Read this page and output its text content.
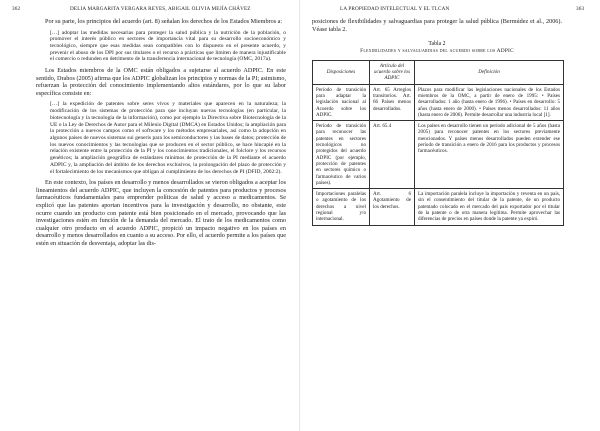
362	DELIA MARGARITA VERGARA REYES, ABIGAIL OLIVIA MEJÍA CHÁVEZ

Por su parte, los principios del acuerdo (art. 8) señalan los derechos de los Estados Miembros a:

[…] adoptar las medidas necesarias para proteger la salud pública y la nutrición de la población, o promover el interés público en sectores de importancia vital para su desarrollo socioeconómico y tecnológico, siempre que esas medidas sean compatibles con lo dispuesto en el presente acuerdo, y prevenir el abuso de los DPI por sus titulares o el recurso a prácticas que limiten de manera injustificable el comercio o redunden en detrimento de la transferencia internacional de tecnología (OMC, 2017a).

Los Estados miembros de la OMC están obligados a sujetarse al acuerdo ADPIC. En este sentido, Drahos (2005) afirma que los ADPIC globalizan los principios y normas de la PI; asimismo, refuerzan la protección del conocimiento implementando altos estándares, por lo que su labor específica consiste en:

[…] la expedición de patentes sobre seres vivos y materiales que aparecen en la naturaleza; la modificación de los sistemas de protección para que incluyan nuevas tecnologías (en particular, la biotecnología y la tecnología de la información), como por ejemplo la Directiva sobre Biotecnología de la UE o la Ley de Derechos de Autor para el Milenio Digital (DMCA) en Estados Unidos; la ampliación para la protección a nuevos campos como el software y los métodos empresariales, así como la adopción en algunos países de nuevos sistemas sui generis para los semiconductores y las bases de datos; protección de los nuevos conocimientos y las tecnologías que se producen en el sector público, se hace hincapié en la relación existente entre la protección de la PI y los conocimientos tradicionales, el folclore y los recursos genéticos; la ampliación geográfica de estándares mínimos de protección de la PI mediante el acuerdo ADPIC y, la ampliación del ámbito de los derechos exclusivos, la prolongación del plazo de protección y el fortalecimiento de los mecanismos que obligan al cumplimiento de los derechos de PI (DFID, 2002:2).

En este contexto, los países en desarrollo y menos desarrollados se vieron obligados a aceptar los lineamientos del acuerdo ADPIC, que incluyen la concesión de patentes para productos y procesos farmacéuticos fundamentales para emprender políticas de salud y acceso a medicamentos. Se explicó que las patentes aportan incentivos para la investigación y desarrollo, no obstante, este ocurre cuando un producto con patente está bien posicionado en el mercado, provocando que las investigaciones estén en función de la demanda del mercado. El trato de los medicamentos como cualquier otro producto en el acuerdo ADPIC, propició un impacto negativo en los países en desarrollo y menos desarrollados en cuanto a su acceso. Por ello, el acuerdo permite a los países que estén en situación de desventaja, adoptar las dis-

LA PROPIEDAD INTELECTUAL Y EL TLCAN	363

posiciones de flexibilidades y salvaguardias para proteger la salud pública (Bermúdez et al., 2006). Véase tabla 2.

Tabla 2
Flexibilidades y salvaguardias del acuerdo sobre los ADPIC
Disposiciones	Artículo del acuerdo sobre los ADPIC	Definición
Período de transición para adaptar la legislación nacional al Acuerdo sobre los ADPIC.	Art. 65 Arreglos transitorios. Art. 66 Países menos desarrollados.	Plazos para modificar las legislaciones nacionales de los Estados miembros de la OMC, a partir de enero de 1995: • Países desarrollados: 1 año (hasta enero de 1996). • Países en desarrollo: 5 años (hasta enero de 2000). • Países menos desarrollados: 11 años (hasta enero de 2006). Permite desarrollar una industria local [1].
Período de transición para reconocer las patentes en sectores tecnológicos no protegidos del acuerdo ADPIC (por ejemplo, protección de patentes en sectores químico o farmacéutico de varios países).	Art. 65.4	Los países en desarrollo tienen un período adicional de 5 años (hasta 2005) para reconocer patentes en los sectores previamente mencionados. Y países menos desarrollados pueden extender ese período de transición a enero de 2016 para los productos y procesos farmacéuticos.
Importaciones paralelas o agotamiento de los derechos a nivel regional y/o internacional.	Art. 6 Agotamiento de los derechos.	La importación paralela incluye la importación y reventa en un país, sin el consentimiento del titular de la patente, de un producto patentado colocado en el mercado del país exportador por el titular de la patente o de otra manera legítima. Permite aprovechar las diferencias de precios en países donde la patente ya expiró.
